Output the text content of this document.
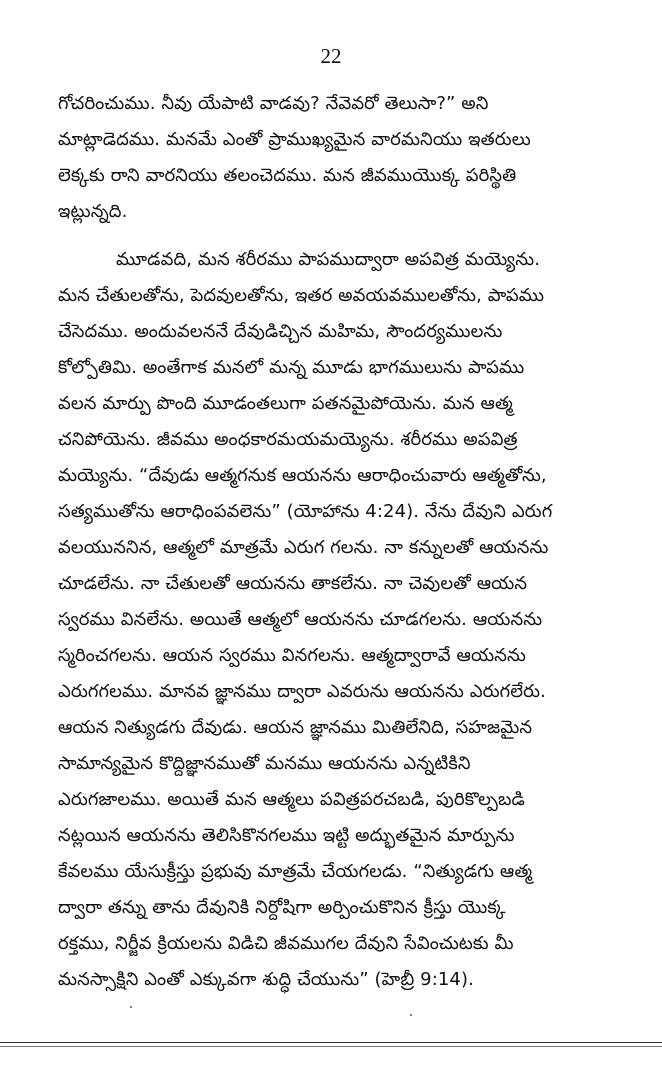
22
గోచరించుము. నీవు యేపాటి వాడవు? నేవెవరో తెలుసా?” అని
మాట్లాడెదము. మనమే ఎంతో ప్రాముఖ్యమైన వారమనియు ఇతరులు
లెక్కకు రాని వారనియు తలంచెదము. మన జీవముయొక్క పరిస్థితి
ఇట్లున్నది.
మూడవది, మన శరీరము పాపముద్వారా అపవిత్ర మయ్యెను.
మన చేతులతోను, పెదవులతోను, ఇతర అవయవములతోను, పాపము
చేసెదము. అందువలననే దేవుడిచ్చిన మహిమ, సౌందర్యములను
కోల్పోతిమి. అంతేగాక మనలో మన్న మూడు భాగములును పాపము
వలన మార్పు పొంది మూడంతలుగా పతనమైపోయెను. మన ఆత్మ
చనిపోయెను. జీవము అంధకారమయమయ్యెను. శరీరము అపవిత్ర
మయ్యెను. “దేవుడు ఆత్మగనుక ఆయనను ఆరాధించువారు ఆత్మతోను,
సత్యముతోను ఆరాధింపవలెను” (యోహాను 4:24). నేను దేవుని ఎరుగ
వలయుననిన, ఆత్మలో మాత్రమే ఎరుగ గలను. నా కన్నులతో ఆయనను
చూడలేను. నా చేతులతో ఆయనను తాకలేను. నా చెవులతో ఆయన
స్వరము వినలేను. అయితే ఆత్మలో ఆయనను చూడగలను. ఆయనను
స్మరించగలను. ఆయన స్వరము వినగలను. ఆత్మద్వారావే ఆయనను
ఎరుగగలము. మానవ జ్ఞానము ద్వారా ఎవరును ఆయనను ఎరుగలేరు.
ఆయన నిత్యుడగు దేవుడు. ఆయన జ్ఞానము మితిలేనిది, సహజమైన
సామాన్యమైన కొద్దిజ్ఞానముతో మనము ఆయనను ఎన్నటికిని
ఎరుగజాలము. అయితే మన ఆత్మలు పవిత్రపరచబడి, పురికొల్పబడి
నట్లయిన ఆయనను తెలిసికొనగలము ఇట్టి అద్భుతమైన మార్పును
కేవలము యేసుక్రీస్తు ప్రభువు మాత్రమే చేయగలడు. “నిత్యుడగు ఆత్మ
ద్వారా తన్ను తాను దేవునికి నిర్దోషిగా అర్పించుకొనిన క్రీస్తు యొక్క
రక్తము, నిర్జీవ క్రియలను విడిచి జీవముగల దేవుని సేవించుటకు మీ
మనస్సాక్షిని ఎంతో ఎక్కువగా శుద్ధి చేయును” (హెబ్రీ 9:14).
